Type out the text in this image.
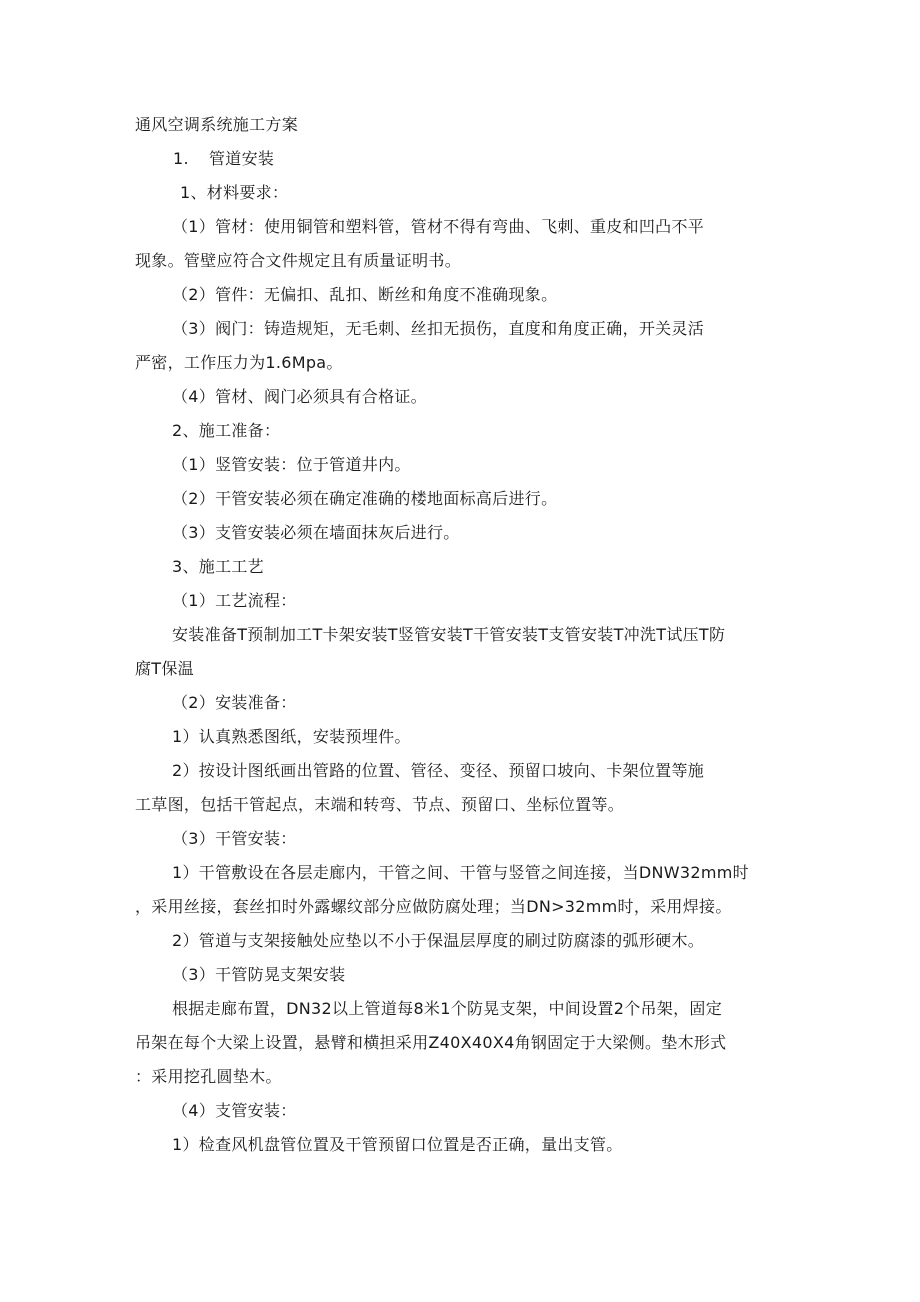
通风空调系统施工方案
1. 管道安装
1、材料要求：
（1）管材：使用铜管和塑料管，管材不得有弯曲、飞刺、重皮和凹凸不平
现象。管壁应符合文件规定且有质量证明书。
（2）管件：无偏扣、乱扣、断丝和角度不准确现象。
（3）阀门：铸造规矩，无毛刺、丝扣无损伤，直度和角度正确，开关灵活
严密，工作压力为1.6Mpa。
（4）管材、阀门必须具有合格证。
2、施工准备：
（1）竖管安装：位于管道井内。
（2）干管安装必须在确定准确的楼地面标高后进行。
（3）支管安装必须在墙面抹灰后进行。
3、施工工艺
（1）工艺流程：
安装准备T预制加工T卡架安装T竖管安装T干管安装T支管安装T冲洗T试压T防
腐T保温
（2）安装准备：
1）认真熟悉图纸，安装预埋件。
2）按设计图纸画出管路的位置、管径、变径、预留口坡向、卡架位置等施
工草图，包括干管起点，末端和转弯、节点、预留口、坐标位置等。
（3）干管安装：
1）干管敷设在各层走廊内，干管之间、干管与竖管之间连接，当DNW32mm时
，采用丝接，套丝扣时外露螺纹部分应做防腐处理；当DN>32mm时，采用焊接。
2）管道与支架接触处应垫以不小于保温层厚度的刷过防腐漆的弧形硬木。
（3）干管防晃支架安装
根据走廊布置，DN32以上管道每8米1个防晃支架，中间设置2个吊架，固定
吊架在每个大梁上设置，悬臂和横担采用Z40X40X4角钢固定于大梁侧。垫木形式
：采用挖孔圆垫木。
（4）支管安装：
1）检查风机盘管位置及干管预留口位置是否正确，量出支管。
